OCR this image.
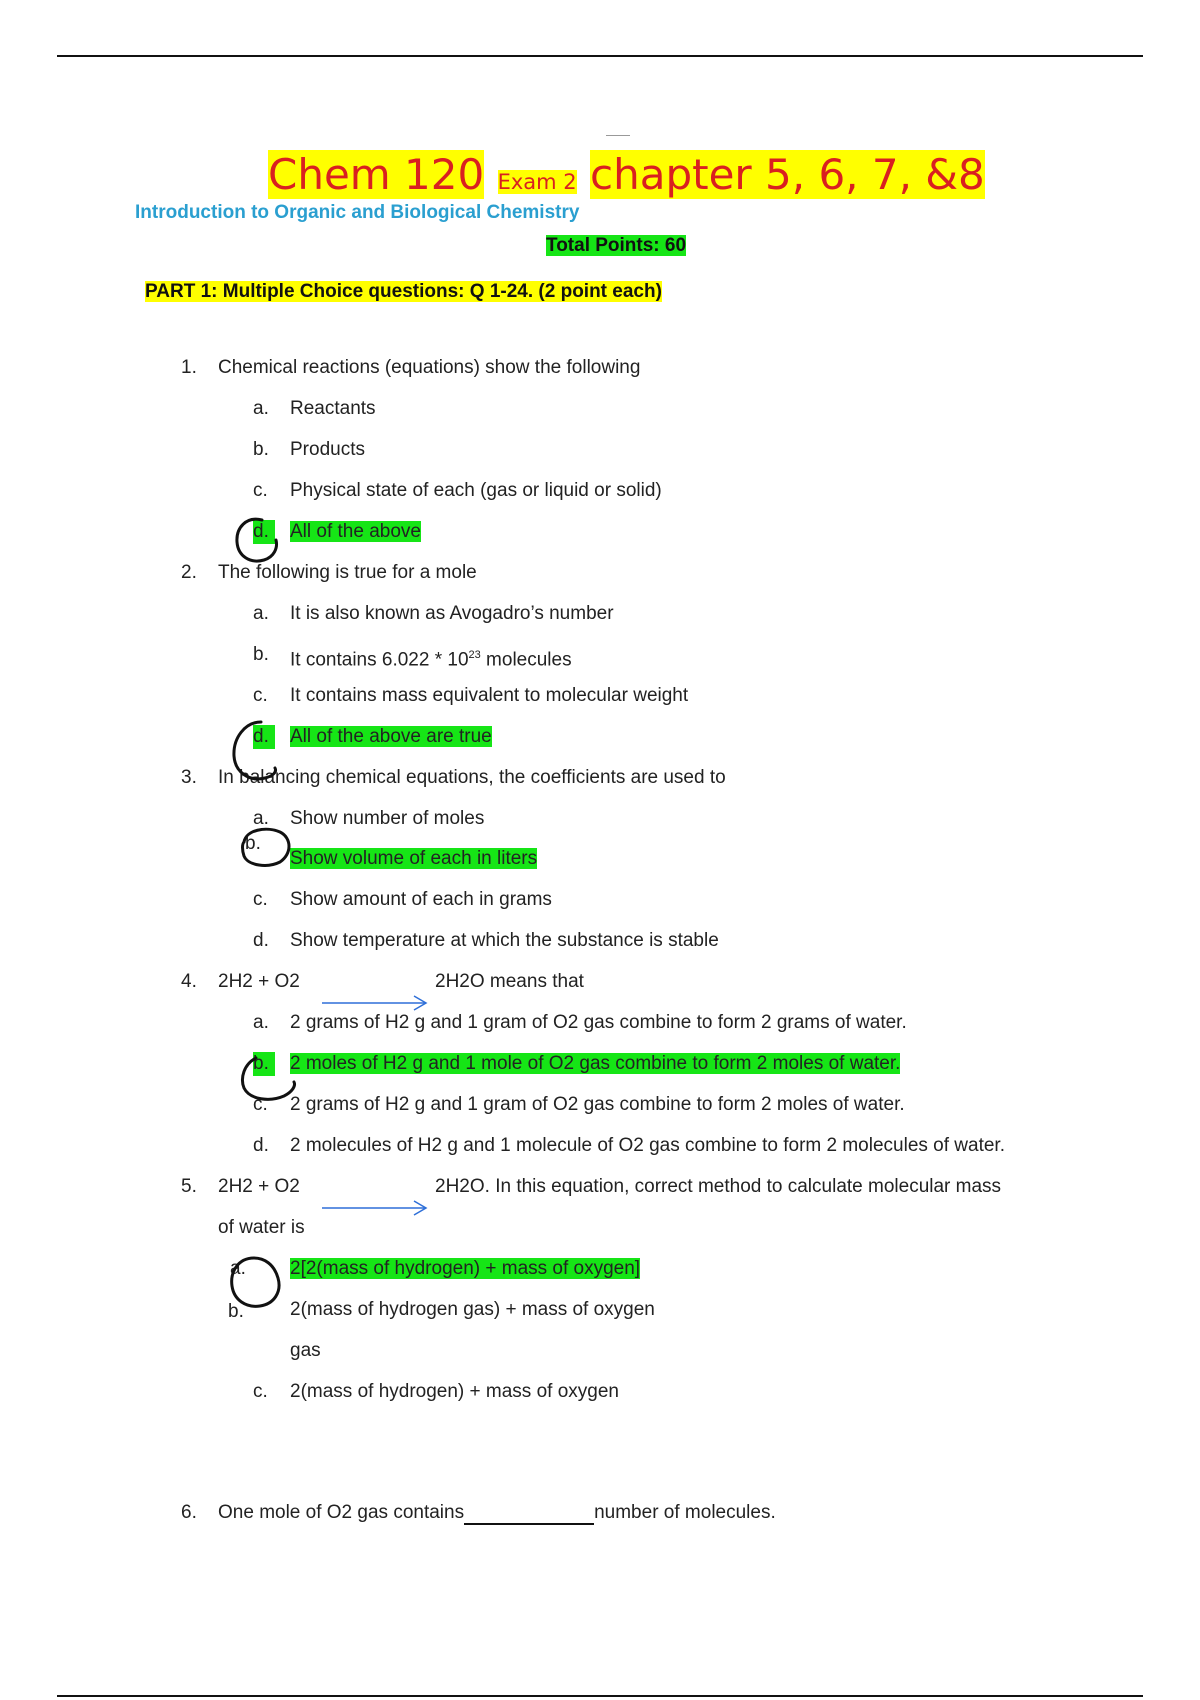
Chem 120 Exam 2 chapter 5, 6, 7, &8
Introduction to Organic and Biological Chemistry
Total Points: 60
PART 1: Multiple Choice questions: Q 1-24. (2 point each)
1. Chemical reactions (equations) show the following
a. Reactants
b. Products
c. Physical state of each (gas or liquid or solid)
d.	All of the above
2. The following is true for a mole
a. It is also known as Avogadro’s number
b. It contains $6.022 * 10^{23}$ molecules
c. It contains mass equivalent to molecular weight
d.	All of the above are true
3. In balancing chemical equations, the coefficients are used to
a. Show number of moles
b.
Show volume of each in liters
c. Show amount of each in grams
d. Show temperature at which the substance is stable
4. 2H2 + O2	2H2O means that
a. 2 grams of H2 g and 1 gram of O2 gas combine to form 2 grams of water.
b.	2 moles of H2 g and 1 mole of O2 gas combine to form 2 moles of water.
c. 2 grams of H2 g and 1 gram of O2 gas combine to form 2 moles of water.
d. 2 molecules of H2 g and 1 molecule of O2 gas combine to form 2 molecules of water.
5. 2H2 + O2	2H2O. In this equation, correct method to calculate molecular mass
of water is
a. 2[2(mass of hydrogen) + mass of oxygen]
b. 2(mass of hydrogen gas) + mass of oxygen
gas
c. 2(mass of hydrogen) + mass of oxygen
6. One mole of O2 gas contains	number of molecules.
